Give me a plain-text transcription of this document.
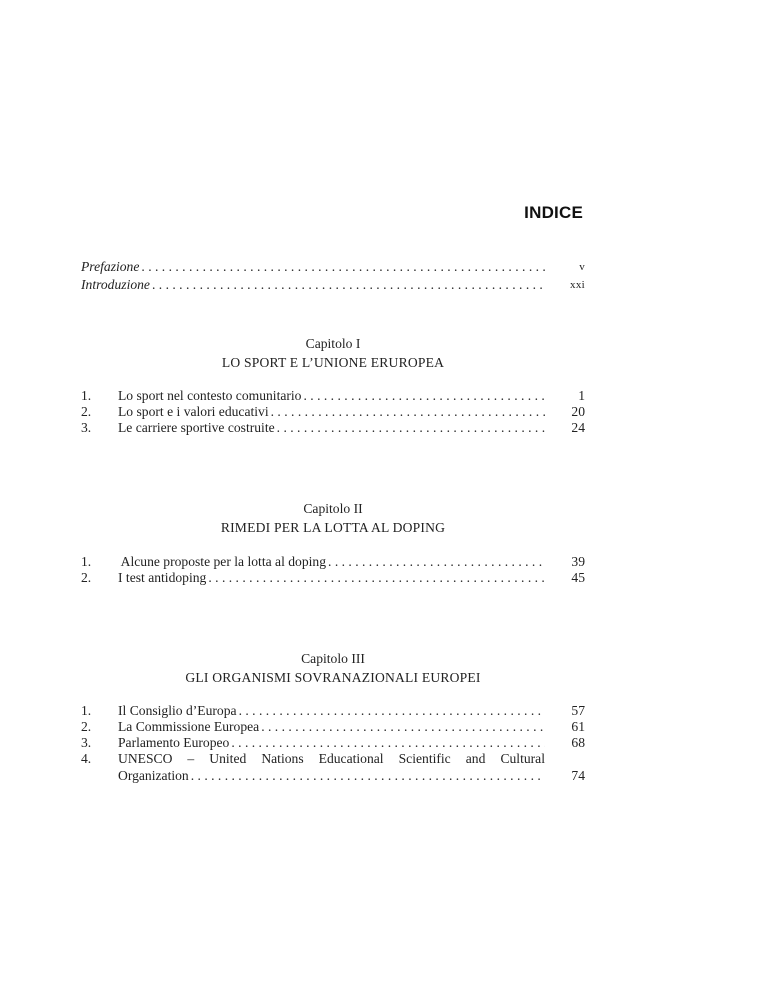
INDICE
Prefazione . . .	v
Introduzione . . .	xxi
Capitolo I
LO SPORT E L’UNIONE ERUROPEA
1. Lo sport nel contesto comunitario . . .	1
2. Lo sport e i valori educativi . . .	20
3. Le carriere sportive costruite . . .	24
Capitolo II
RIMEDI PER LA LOTTA AL DOPING
1. Alcune proposte per la lotta al doping . . .	39
2. I test antidoping . . .	45
Capitolo III
GLI ORGANISMI SOVRANAZIONALI EUROPEI
1. Il Consiglio d’Europa . . .	57
2. La Commissione Europea . . .	61
3. Parlamento Europeo . . .	68
4. UNESCO – United Nations Educational Scientific and Cultural
Organization . . .	74
